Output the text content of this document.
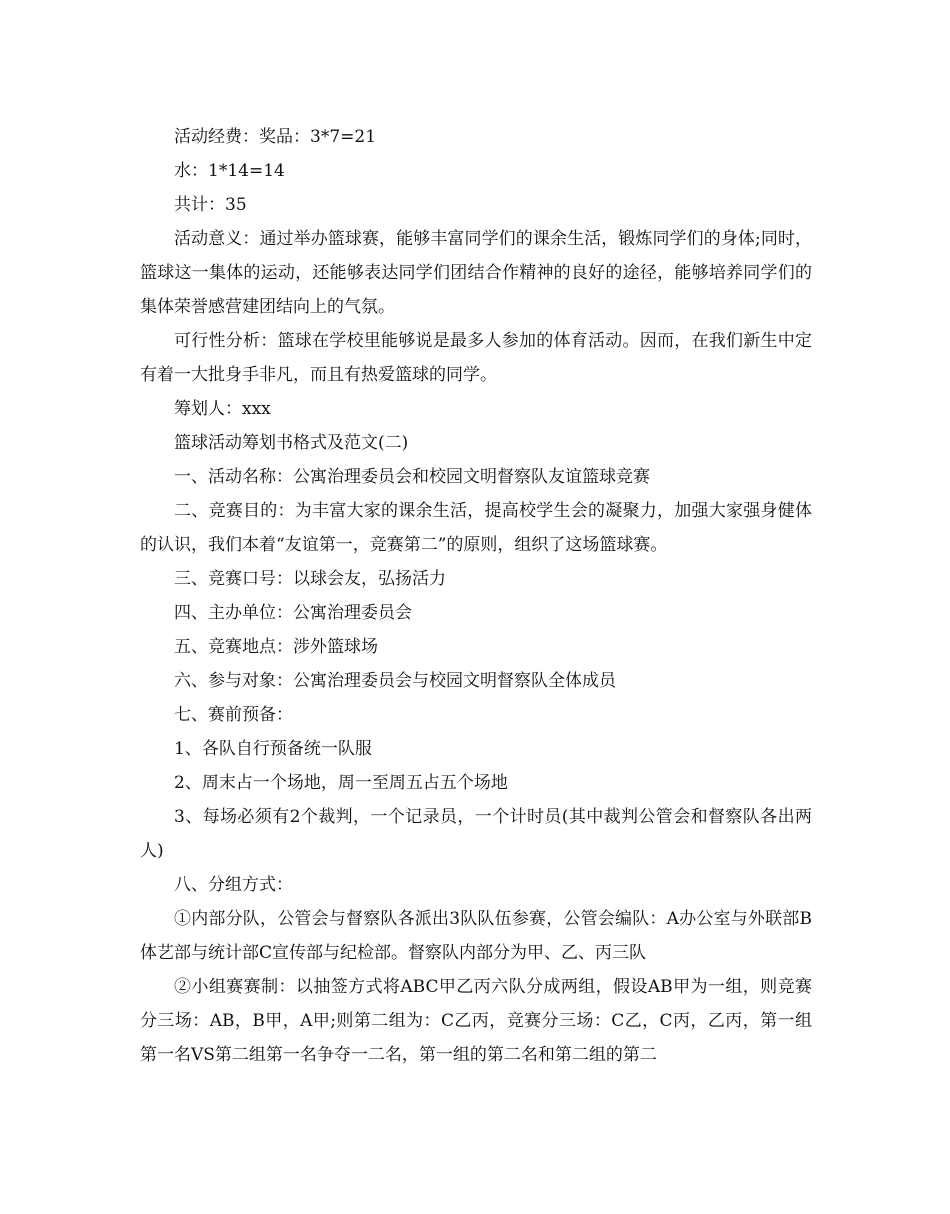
活动经费：奖品：3*7=21

水：1*14=14

共计：35

活动意义：通过举办篮球赛，能够丰富同学们的课余生活，锻炼同学们的身体;同时，篮球这一集体的运动，还能够表达同学们团结合作精神的良好的途径，能够培养同学们的集体荣誉感营建团结向上的气氛。

可行性分析：篮球在学校里能够说是最多人参加的体育活动。因而，在我们新生中定有着一大批身手非凡，而且有热爱篮球的同学。

筹划人：xxx

篮球活动筹划书格式及范文(二)

一、活动名称：公寓治理委员会和校园文明督察队友谊篮球竞赛

二、竞赛目的：为丰富大家的课余生活，提高校学生会的凝聚力，加强大家强身健体的认识，我们本着“友谊第一，竞赛第二”的原则，组织了这场篮球赛。

三、竞赛口号：以球会友，弘扬活力

四、主办单位：公寓治理委员会

五、竞赛地点：涉外篮球场

六、参与对象：公寓治理委员会与校园文明督察队全体成员

七、赛前预备：

1、各队自行预备统一队服

2、周末占一个场地，周一至周五占五个场地

3、每场必须有2个裁判，一个记录员，一个计时员(其中裁判公管会和督察队各出两人)

八、分组方式：

①内部分队，公管会与督察队各派出3队队伍参赛，公管会编队：A办公室与外联部B体艺部与统计部C宣传部与纪检部。督察队内部分为甲、乙、丙三队

②小组赛赛制：以抽签方式将ABC甲乙丙六队分成两组，假设AB甲为一组，则竞赛分三场：AB，B甲，A甲;则第二组为：C乙丙，竞赛分三场：C乙，C丙，乙丙，第一组第一名VS第二组第一名争夺一二名，第一组的第二名和第二组的第二
